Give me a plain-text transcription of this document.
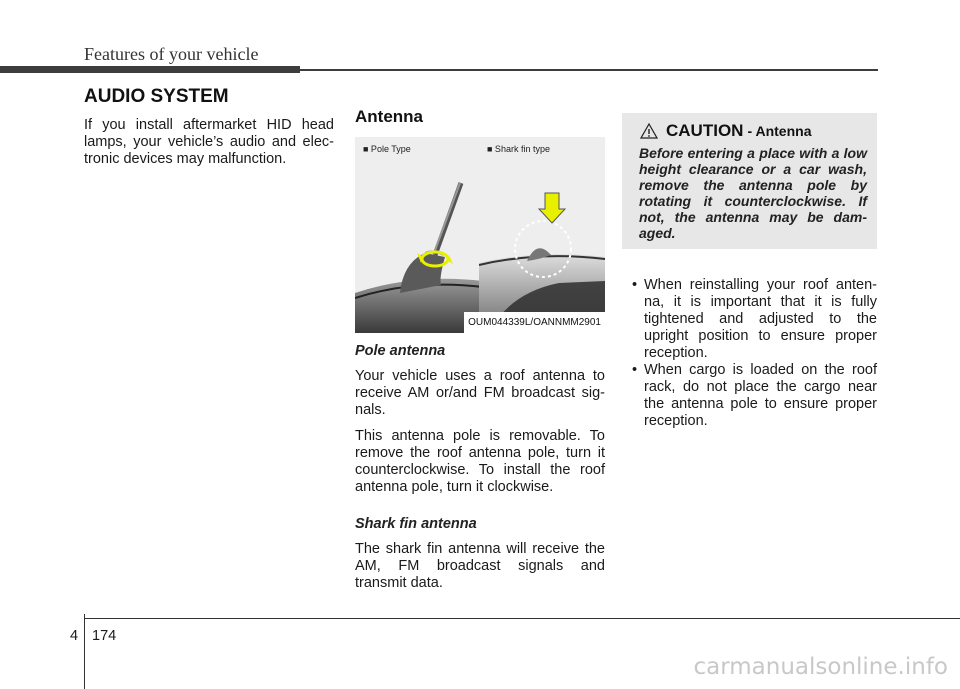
Features of your vehicle
AUDIO SYSTEM

If you install aftermarket HID head lamps, your vehicle’s audio and elec-tronic devices may malfunction.

Antenna
■ Pole Type	■ Shark fin type
OUM044339L/OANNMM2901
Pole antenna

Your vehicle uses a roof antenna to receive AM or/and FM broadcast sig-nals.

This antenna pole is removable. To remove the roof antenna pole, turn it counterclockwise. To install the roof antenna pole, turn it clockwise.

Shark fin antenna

The shark fin antenna will receive the AM, FM broadcast signals and transmit data.

CAUTION - Antenna
Before entering a place with a low height clearance or a car wash, remove the antenna pole by rotating it counterclockwise. If not, the antenna may be dam-aged.
• When reinstalling your roof anten-na, it is important that it is fully tightened and adjusted to the upright position to ensure proper reception.
• When cargo is loaded on the roof rack, do not place the cargo near the antenna pole to ensure proper reception.
4 174
carmanualsonline.info
